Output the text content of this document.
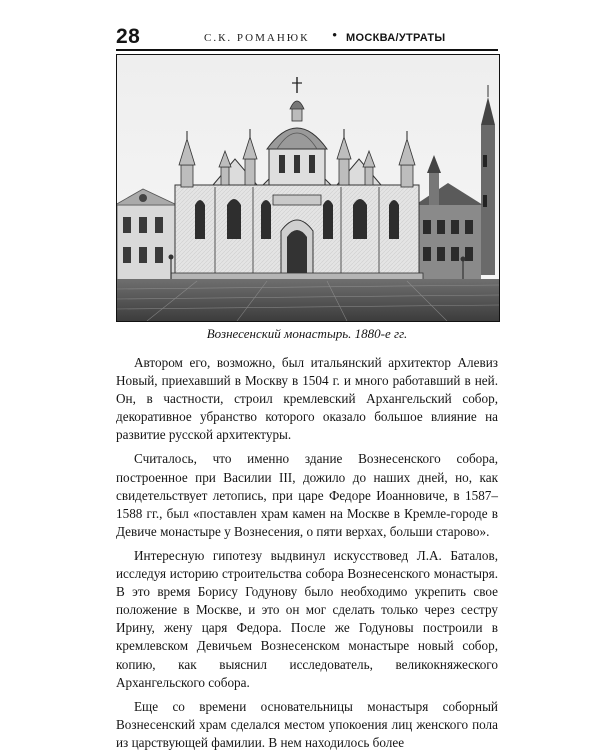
28	С.К. РОМАНЮК • МОСКВА/УТРАТЫ
Вознесенский монастырь. 1880-е гг.

Автором его, возможно, был итальянский архитектор Алевиз Новый, приехавший в Москву в 1504 г. и много работавший в ней. Он, в частности, строил кремлевский Архангельский собор, декоративное убранство которого оказало большое влияние на развитие русской архитектуры.

Считалось, что именно здание Вознесенского собора, построенное при Василии III, дожило до наших дней, но, как свидетельствует летопись, при царе Федоре Иоанновиче, в 1587–1588 гг., был «поставлен храм камен на Москве в Кремле-городе в Девиче монастыре у Вознесения, о пяти верхах, больши старово».

Интересную гипотезу выдвинул искусствовед Л.А. Баталов, исследуя историю строительства собора Вознесенского монастыря. В это время Борису Годунову было необходимо укрепить свое положение в Москве, и это он мог сделать только через сестру Ирину, жену царя Федора. После же Годуновы построили в кремлевском Девичьем Вознесенском монастыре новый собор, копию, как выяснил исследователь, великокняжеского Архангельского собора.

Еще со времени основательницы монастыря соборный Вознесенский храм сделался местом упокоения лиц женского пола из царствующей фамилии. В нем находилось более
